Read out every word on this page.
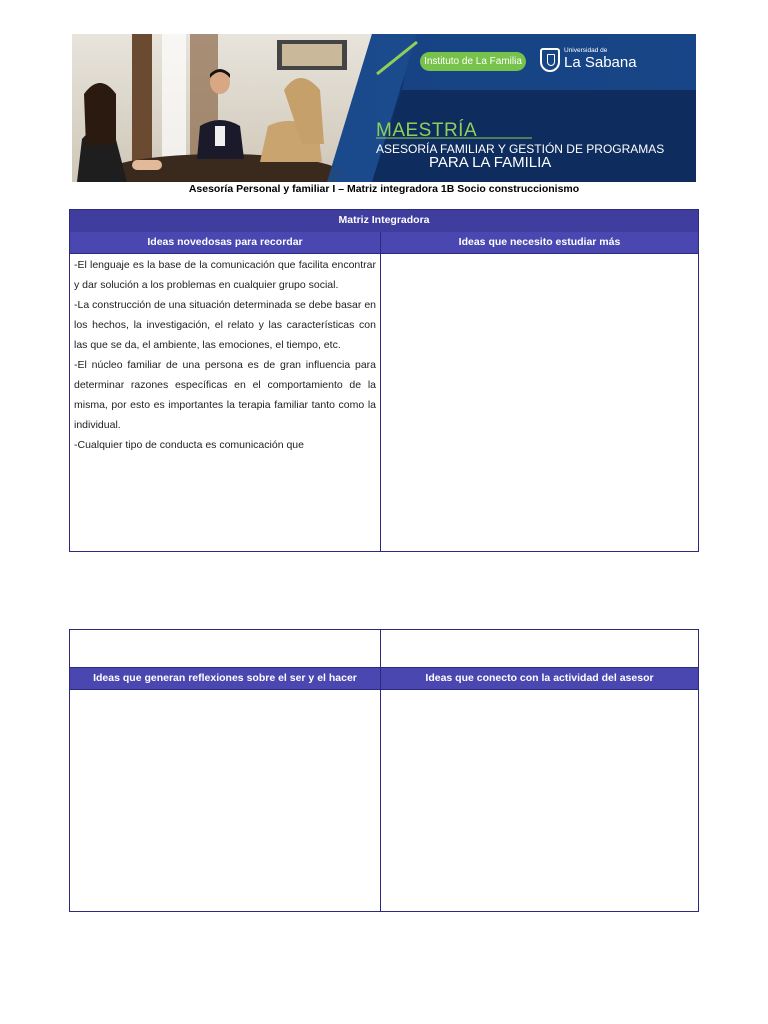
Instituto de La Familia
Universidad de
La Sabana
MAESTRÍA
ASESORÍA FAMILIAR Y GESTIÓN DE PROGRAMAS
PARA LA FAMILIA
Asesoría Personal y familiar I – Matriz integradora 1B Socio construccionismo
Matriz Integradora
Ideas novedosas para recordar	Ideas que necesito estudiar más

-El lenguaje es la base de la comunicación que facilita encontrar y dar solución a los problemas en cualquier grupo social.

-La construcción de una situación determinada se debe basar en los hechos, la investigación, el relato y las características con las que se da, el ambiente, las emociones, el tiempo, etc.

-El núcleo familiar de una persona es de gran influencia para determinar razones específicas en el comportamiento de la misma, por esto es importantes la terapia familiar tanto como la individual.

-Cualquier tipo de conducta es comunicación que

Ideas que generan reflexiones sobre el ser y el hacer	Ideas que conecto con la actividad del asesor
